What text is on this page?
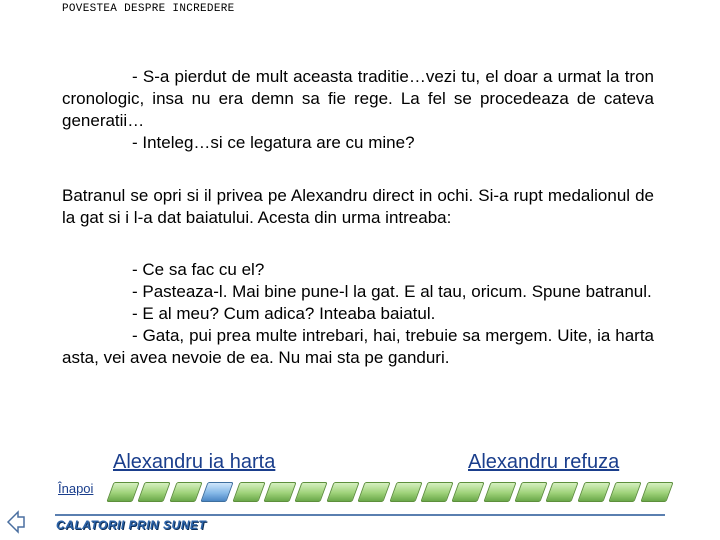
POVESTEA DESPRE INCREDERE
- S-a pierdut de mult aceasta traditie…vezi tu, el doar a urmat la tron cronologic, insa nu era demn sa fie rege. La fel se procedeaza de cateva generatii…
- Inteleg…si ce legatura are cu mine?
Batranul se opri si il privea pe Alexandru direct in ochi. Si-a rupt medalionul de la gat si i l-a dat baiatului. Acesta din urma intreaba:
- Ce sa fac cu el?
- Pasteaza-l. Mai bine pune-l la gat. E al tau, oricum. Spune batranul.
- E al meu? Cum adica? Inteaba baiatul.
- Gata, pui prea multe intrebari, hai, trebuie sa mergem. Uite, ia harta asta, vei avea nevoie de ea. Nu mai sta pe ganduri.
Alexandru ia harta	Alexandru refuza
Înapoi
CALATORII PRIN SUNET
